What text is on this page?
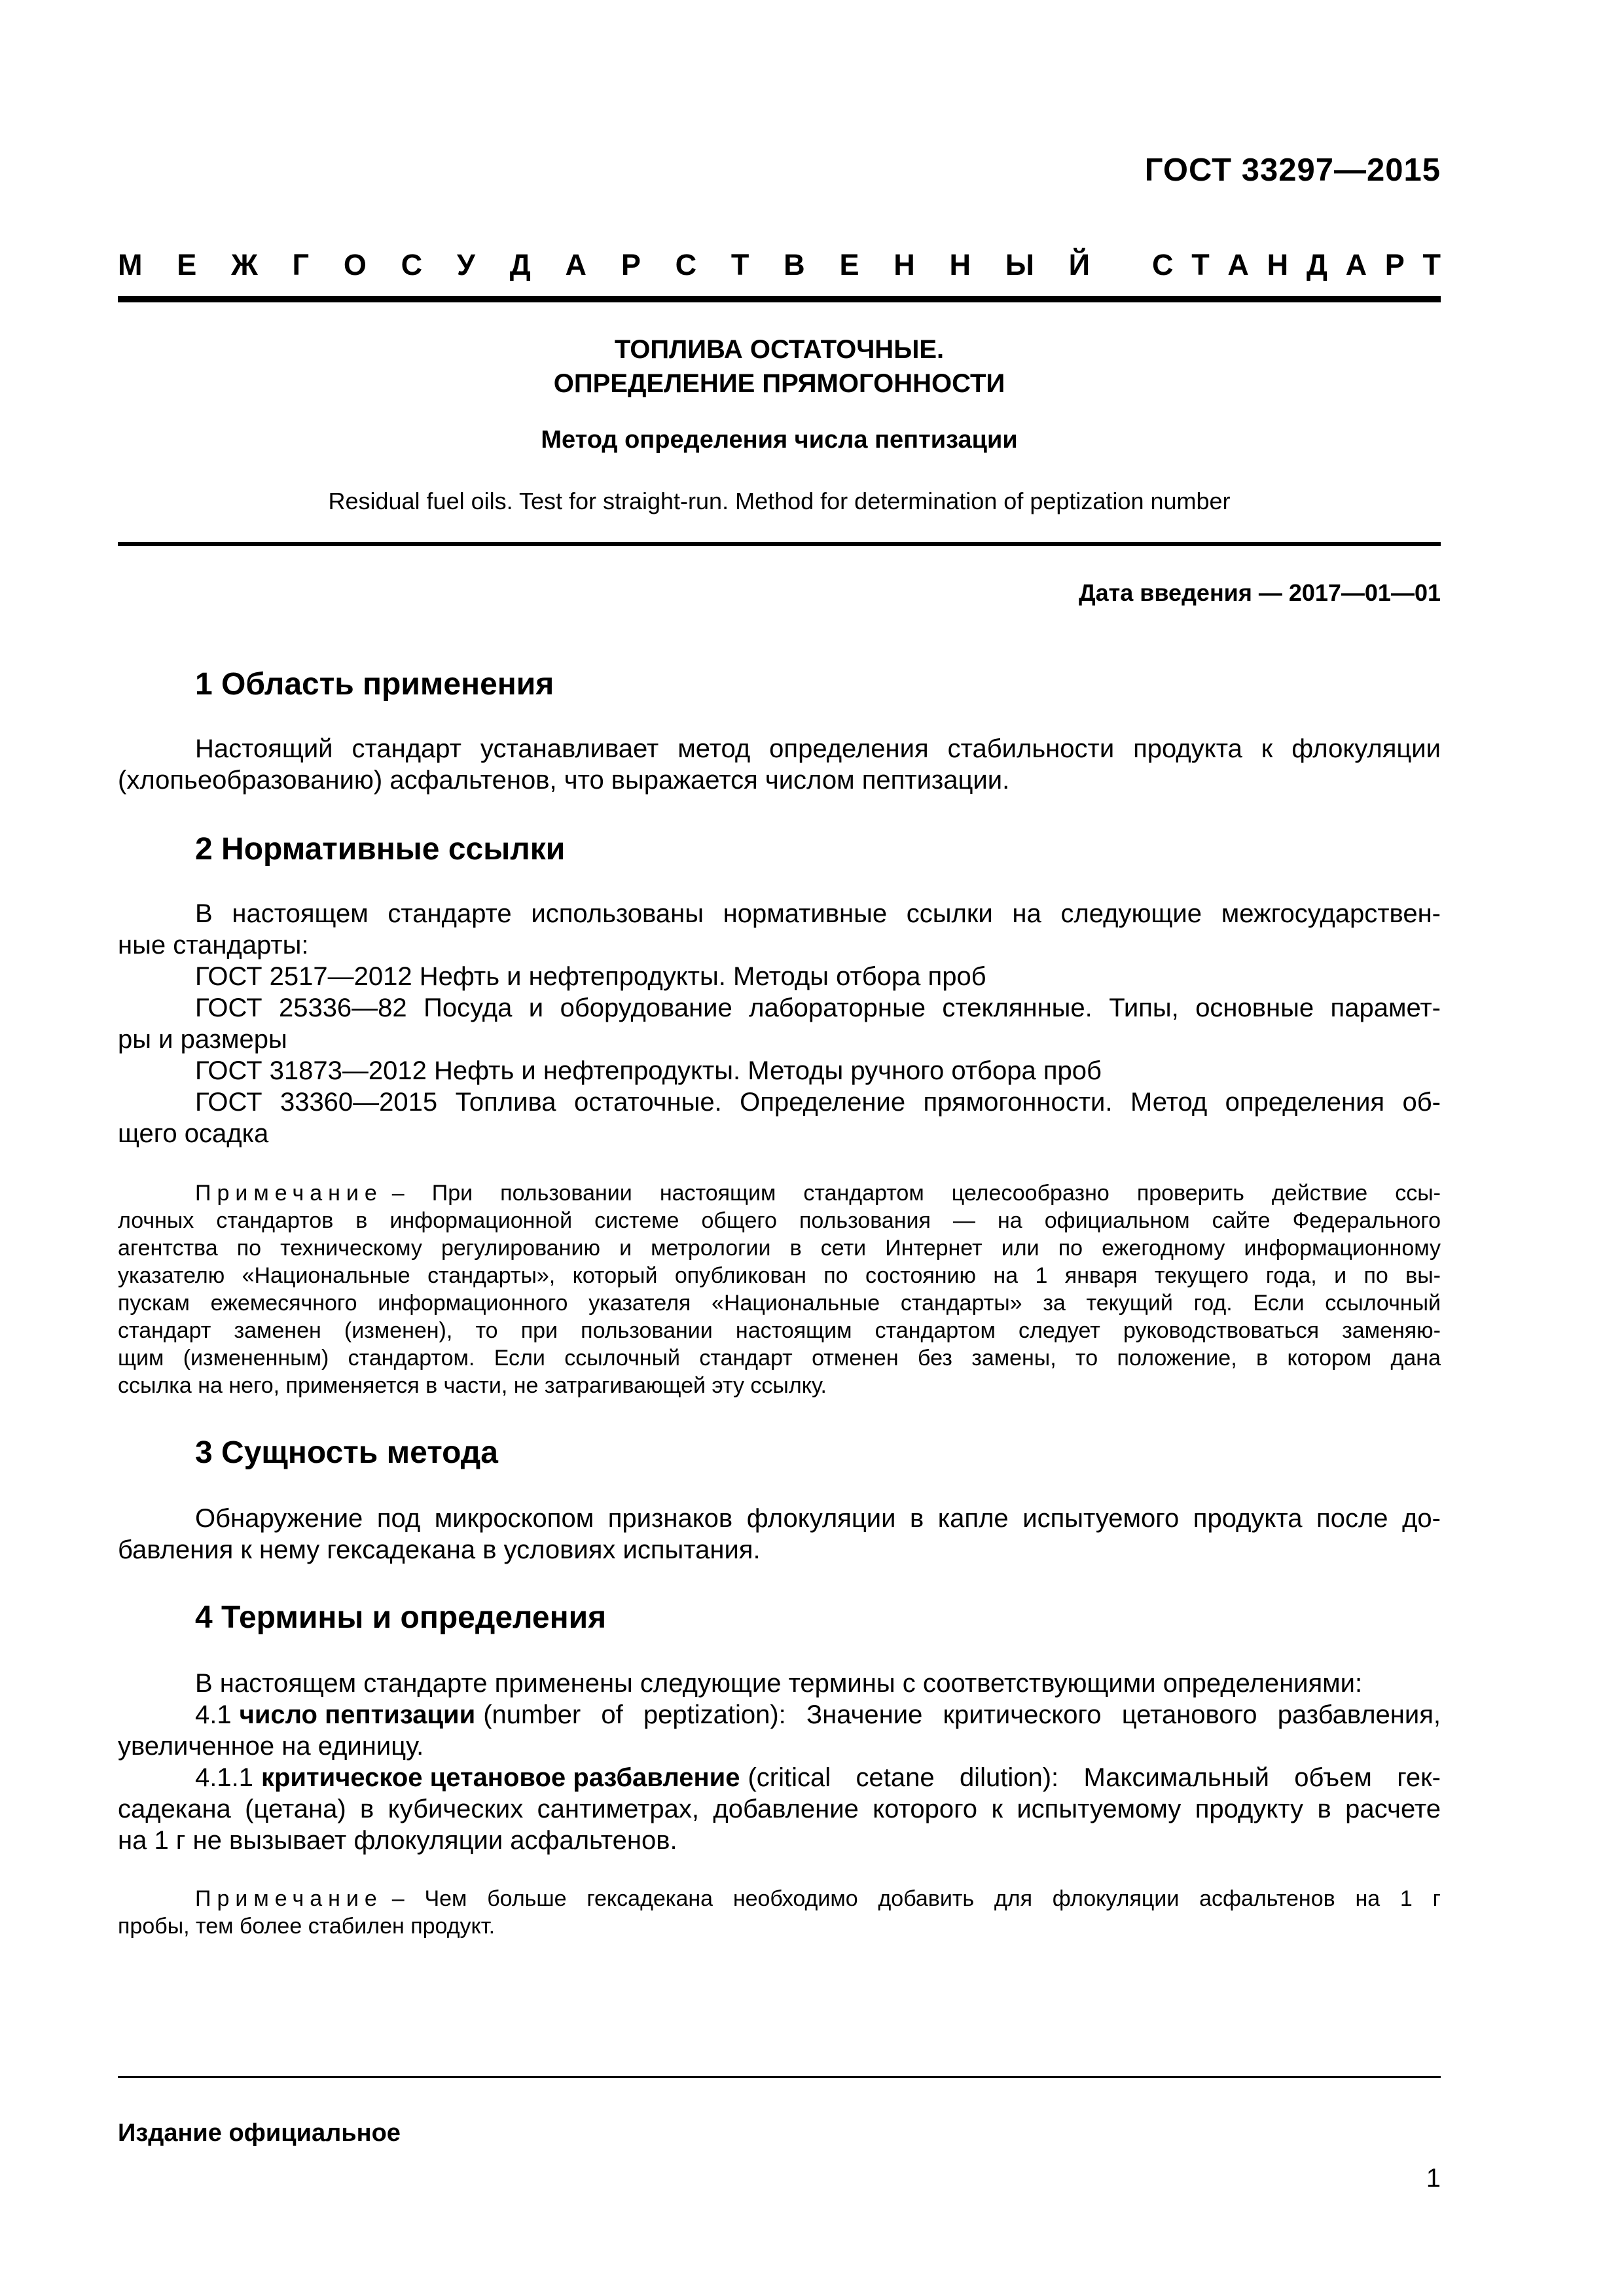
ГОСТ 33297—2015
М Е Ж Г О С У Д А Р С Т В Е Н Н Ы Й С Т А Н Д А Р Т
ТОПЛИВА ОСТАТОЧНЫЕ.
ОПРЕДЕЛЕНИЕ ПРЯМОГОННОСТИ
Метод определения числа пептизации
Residual fuel oils. Test for straight-run. Method for determination of peptization number
Дата введения — 2017—01—01
1 Область применения
Настоящий стандарт устанавливает метод определения стабильности продукта к флокуляции
(хлопьеобразованию) асфальтенов, что выражается числом пептизации.
2 Нормативные ссылки
В настоящем стандарте использованы нормативные ссылки на следующие межгосударствен-
ные стандарты:
ГОСТ 2517—2012 Нефть и нефтепродукты. Методы отбора проб
ГОСТ 25336—82 Посуда и оборудование лабораторные стеклянные. Типы, основные парамет-
ры и размеры
ГОСТ 31873—2012 Нефть и нефтепродукты. Методы ручного отбора проб
ГОСТ 33360—2015 Топлива остаточные. Определение прямогонности. Метод определения об-
щего осадка
Примечание – При пользовании настоящим стандартом целесообразно проверить действие ссы-
лочных стандартов в информационной системе общего пользования — на официальном сайте Федерального
агентства по техническому регулированию и метрологии в сети Интернет или по ежегодному информационному
указателю «Национальные стандарты», который опубликован по состоянию на 1 января текущего года, и по вы-
пускам ежемесячного информационного указателя «Национальные стандарты» за текущий год. Если ссылочный
стандарт заменен (изменен), то при пользовании настоящим стандартом следует руководствоваться заменяю-
щим (измененным) стандартом. Если ссылочный стандарт отменен без замены, то положение, в котором дана
ссылка на него, применяется в части, не затрагивающей эту ссылку.
3 Сущность метода
Обнаружение под микроскопом признаков флокуляции в капле испытуемого продукта после до-
бавления к нему гексадекана в условиях испытания.
4 Термины и определения
В настоящем стандарте применены следующие термины с соответствующими определениями:
4.1 число пептизации (number of peptization): Значение критического цетанового разбавления,
увеличенное на единицу.
4.1.1 критическое цетановое разбавление (critical cetane dilution): Максимальный объем гек-
садекана (цетана) в кубических сантиметрах, добавление которого к испытуемому продукту в расчете
на 1 г не вызывает флокуляции асфальтенов.
Примечание – Чем больше гексадекана необходимо добавить для флокуляции асфальтенов на 1 г
пробы, тем более стабилен продукт.
Издание официальное
1
